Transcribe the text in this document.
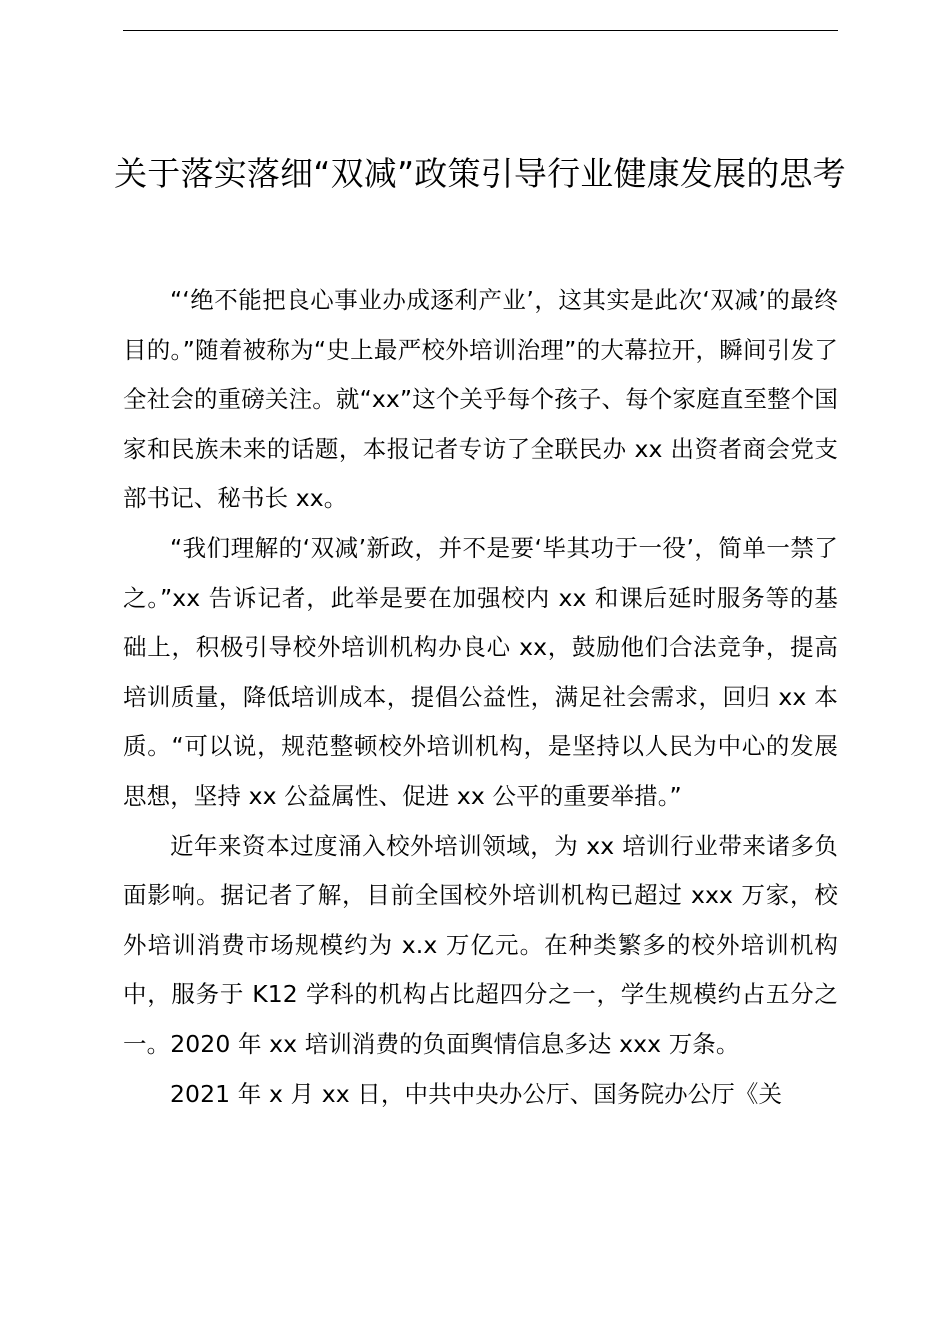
关于落实落细“双减”政策引导行业健康发展的思考

“‘绝不能把良心事业办成逐利产业’，这其实是此次‘双减’的最终目的。”随着被称为“史上最严校外培训治理”的大幕拉开，瞬间引发了全社会的重磅关注。就“xx”这个关乎每个孩子、每个家庭直至整个国家和民族未来的话题，本报记者专访了全联民办 xx 出资者商会党支部书记、秘书长 xx。

“我们理解的‘双减’新政，并不是要‘毕其功于一役’，简单一禁了之。”xx 告诉记者，此举是要在加强校内 xx 和课后延时服务等的基础上，积极引导校外培训机构办良心 xx，鼓励他们合法竞争，提高培训质量，降低培训成本，提倡公益性，满足社会需求，回归 xx 本质。“可以说，规范整顿校外培训机构，是坚持以人民为中心的发展思想，坚持 xx 公益属性、促进 xx 公平的重要举措。”

近年来资本过度涌入校外培训领域，为 xx 培训行业带来诸多负面影响。据记者了解，目前全国校外培训机构已超过 xxx 万家，校外培训消费市场规模约为 x.x 万亿元。在种类繁多的校外培训机构中，服务于 K12 学科的机构占比超四分之一，学生规模约占五分之一。2020 年 xx 培训消费的负面舆情信息多达 xxx 万条。

2021 年 x 月 xx 日，中共中央办公厅、国务院办公厅《关
